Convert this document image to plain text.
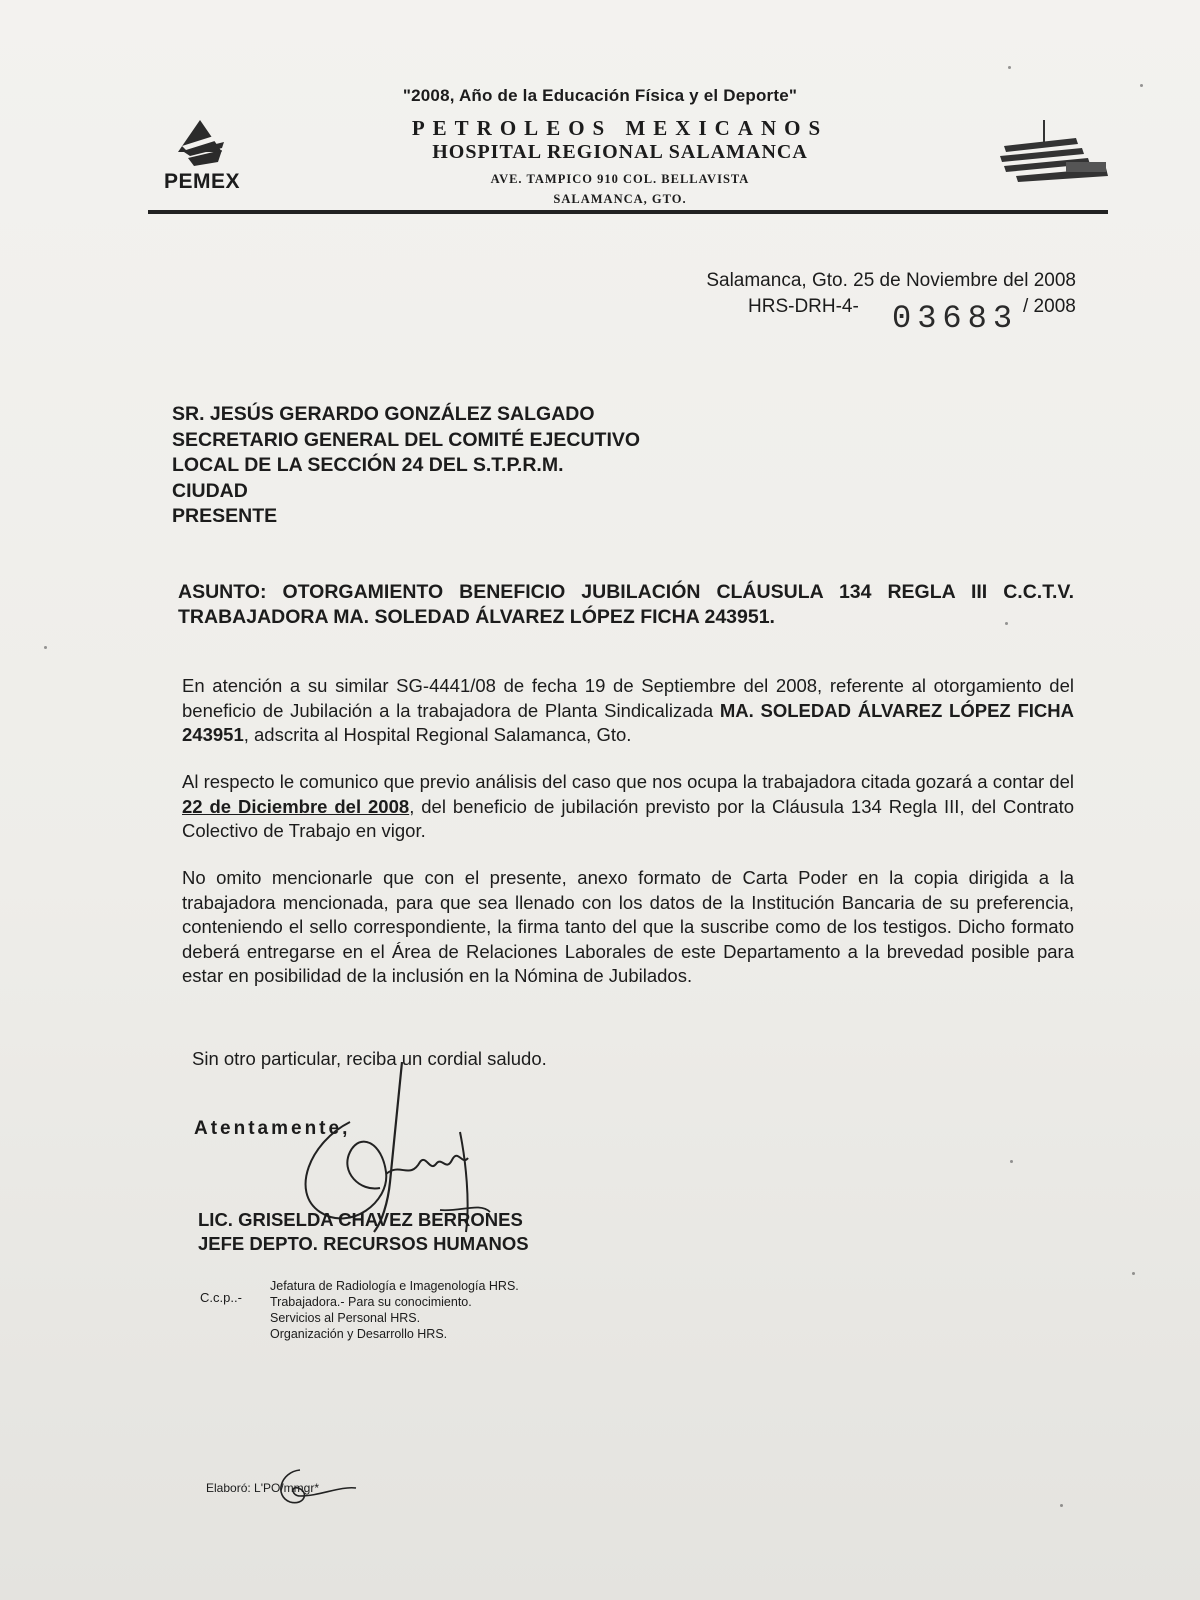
PEMEX
"2008, Año de la Educación Física y el Deporte"
PETROLEOS MEXICANOS
HOSPITAL REGIONAL SALAMANCA
AVE. TAMPICO 910 COL. BELLAVISTA
SALAMANCA, GTO.
Salamanca, Gto. 25 de Noviembre del 2008
HRS-DRH-4- 03683 / 2008
SR. JESÚS GERARDO GONZÁLEZ SALGADO
SECRETARIO GENERAL DEL COMITÉ EJECUTIVO
LOCAL DE LA SECCIÓN 24 DEL S.T.P.R.M.
CIUDAD
PRESENTE
ASUNTO: OTORGAMIENTO BENEFICIO JUBILACIÓN CLÁUSULA 134 REGLA III C.C.T.V.
TRABAJADORA MA. SOLEDAD ÁLVAREZ LÓPEZ FICHA 243951.
En atención a su similar SG-4441/08 de fecha 19 de Septiembre del 2008, referente al otorgamiento del beneficio de Jubilación a la trabajadora de Planta Sindicalizada MA. SOLEDAD ÁLVAREZ LÓPEZ FICHA 243951, adscrita al Hospital Regional Salamanca, Gto.
Al respecto le comunico que previo análisis del caso que nos ocupa la trabajadora citada gozará a contar del 22 de Diciembre del 2008, del beneficio de jubilación previsto por la Cláusula 134 Regla III, del Contrato Colectivo de Trabajo en vigor.
No omito mencionarle que con el presente, anexo formato de Carta Poder en la copia dirigida a la trabajadora mencionada, para que sea llenado con los datos de la Institución Bancaria de su preferencia, conteniendo el sello correspondiente, la firma tanto del que la suscribe como de los testigos. Dicho formato deberá entregarse en el Área de Relaciones Laborales de este Departamento a la brevedad posible para estar en posibilidad de la inclusión en la Nómina de Jubilados.
Sin otro particular, reciba un cordial saludo.
Atentamente,
LIC. GRISELDA CHAVEZ BERRONES
JEFE DEPTO. RECURSOS HUMANOS
C.c.p..-
Jefatura de Radiología e Imagenología HRS.
Trabajadora.- Para su conocimiento.
Servicios al Personal HRS.
Organización y Desarrollo HRS.
Elaboró: L'PO/mmgr*
